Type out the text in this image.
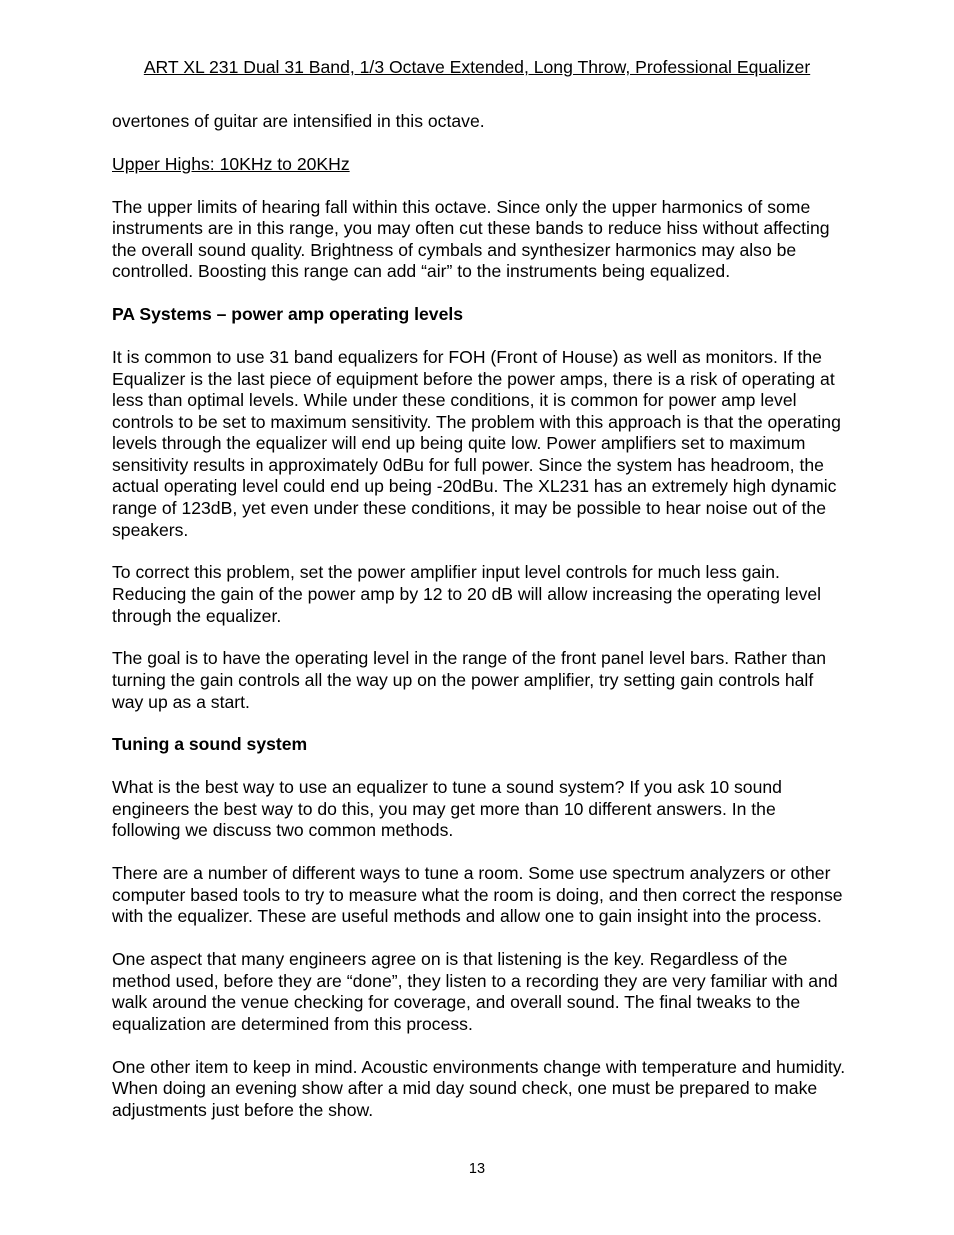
ART XL 231 Dual 31 Band, 1/3 Octave Extended, Long Throw, Professional Equalizer

overtones of guitar are intensified in this octave.

Upper Highs: 10KHz to 20KHz

The upper limits of hearing fall within this octave. Since only the upper harmonics of some instruments are in this range, you may often cut these bands to reduce hiss without affecting the overall sound quality. Brightness of cymbals and synthesizer harmonics may also be controlled. Boosting this range can add “air” to the instruments being equalized.

PA Systems – power amp operating levels

It is common to use 31 band equalizers for FOH (Front of House) as well as monitors. If the Equalizer is the last piece of equipment before the power amps, there is a risk of operating at less than optimal levels. While under these conditions, it is common for power amp level controls to be set to maximum sensitivity. The problem with this approach is that the operating levels through the equalizer will end up being quite low. Power amplifiers set to maximum sensitivity results in approximately 0dBu for full power. Since the system has headroom, the actual operating level could end up being -20dBu. The XL231 has an extremely high dynamic range of 123dB, yet even under these conditions, it may be possible to hear noise out of the speakers.

To correct this problem, set the power amplifier input level controls for much less gain. Reducing the gain of the power amp by 12 to 20 dB will allow increasing the operating level through the equalizer.

The goal is to have the operating level in the range of the front panel level bars. Rather than turning the gain controls all the way up on the power amplifier, try setting gain controls half way up as a start.

Tuning a sound system

What is the best way to use an equalizer to tune a sound system? If you ask 10 sound engineers the best way to do this, you may get more than 10 different answers. In the following we discuss two common methods.

There are a number of different ways to tune a room. Some use spectrum analyzers or other computer based tools to try to measure what the room is doing, and then correct the response with the equalizer. These are useful methods and allow one to gain insight into the process.

One aspect that many engineers agree on is that listening is the key. Regardless of the method used, before they are “done”, they listen to a recording they are very familiar with and walk around the venue checking for coverage, and overall sound. The final tweaks to the equalization are determined from this process.

One other item to keep in mind. Acoustic environments change with temperature and humidity. When doing an evening show after a mid day sound check, one must be prepared to make adjustments just before the show.

13
